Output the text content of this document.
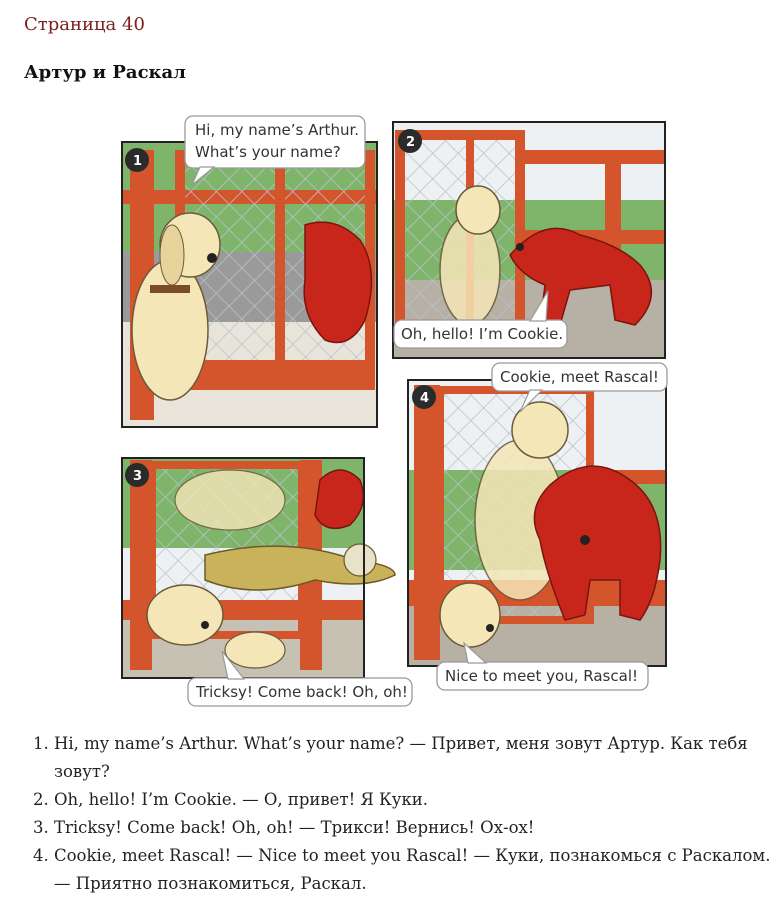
Страница 40
Артур и Раскал
1
2
3
4
Hi, my name’s Arthur.
What’s your name?
Oh, hello! I’m Cookie.
Tricksy! Come back! Oh, oh!
Cookie, meet Rascal!
Nice to meet you, Rascal!
1. Hi, my name’s Arthur. What’s your name? — Привет, меня зовут Артур. Как тебя зовут?
2. Oh, hello! I’m Cookie. — О, привет! Я Куки.
3. Tricksy! Come back! Oh, oh! — Трикси! Вернись! Ох-ох!
4. Cookie, meet Rascal! — Nice to meet you Rascal! — Куки, познакомься с Раскалом. — Приятно познакомиться, Раскал.
